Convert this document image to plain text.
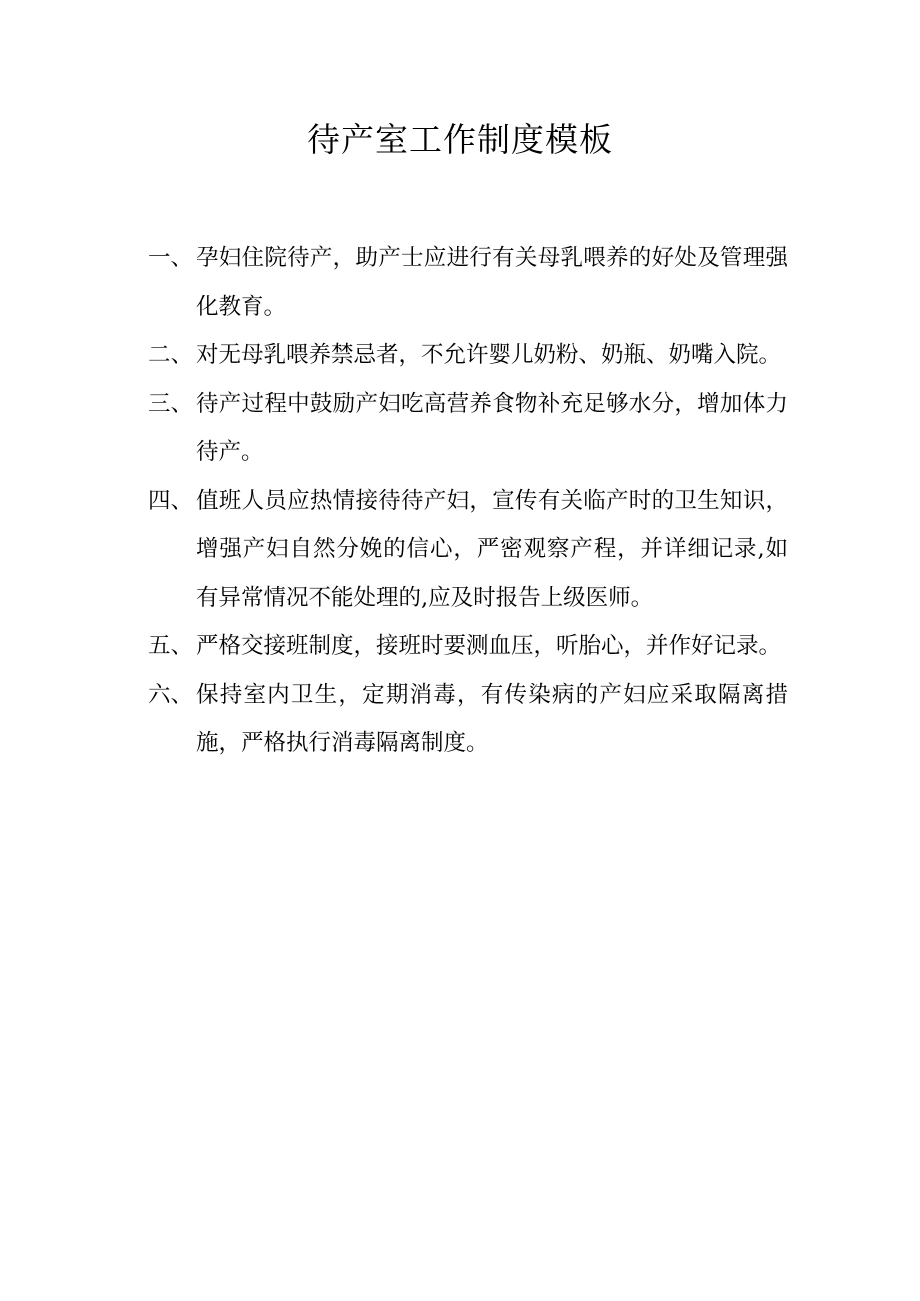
待产室工作制度模板
一、 孕妇住院待产，助产士应进行有关母乳喂养的好处及管理强化教育。
二、 对无母乳喂养禁忌者，不允许婴儿奶粉、奶瓶、奶嘴入院。
三、 待产过程中鼓励产妇吃高营养食物补充足够水分，增加体力待产。
四、 值班人员应热情接待待产妇，宣传有关临产时的卫生知识，增强产妇自然分娩的信心，严密观察产程，并详细记录,如有异常情况不能处理的,应及时报告上级医师。
五、 严格交接班制度，接班时要测血压，听胎心，并作好记录。
六、 保持室内卫生，定期消毒，有传染病的产妇应采取隔离措施，严格执行消毒隔离制度。
